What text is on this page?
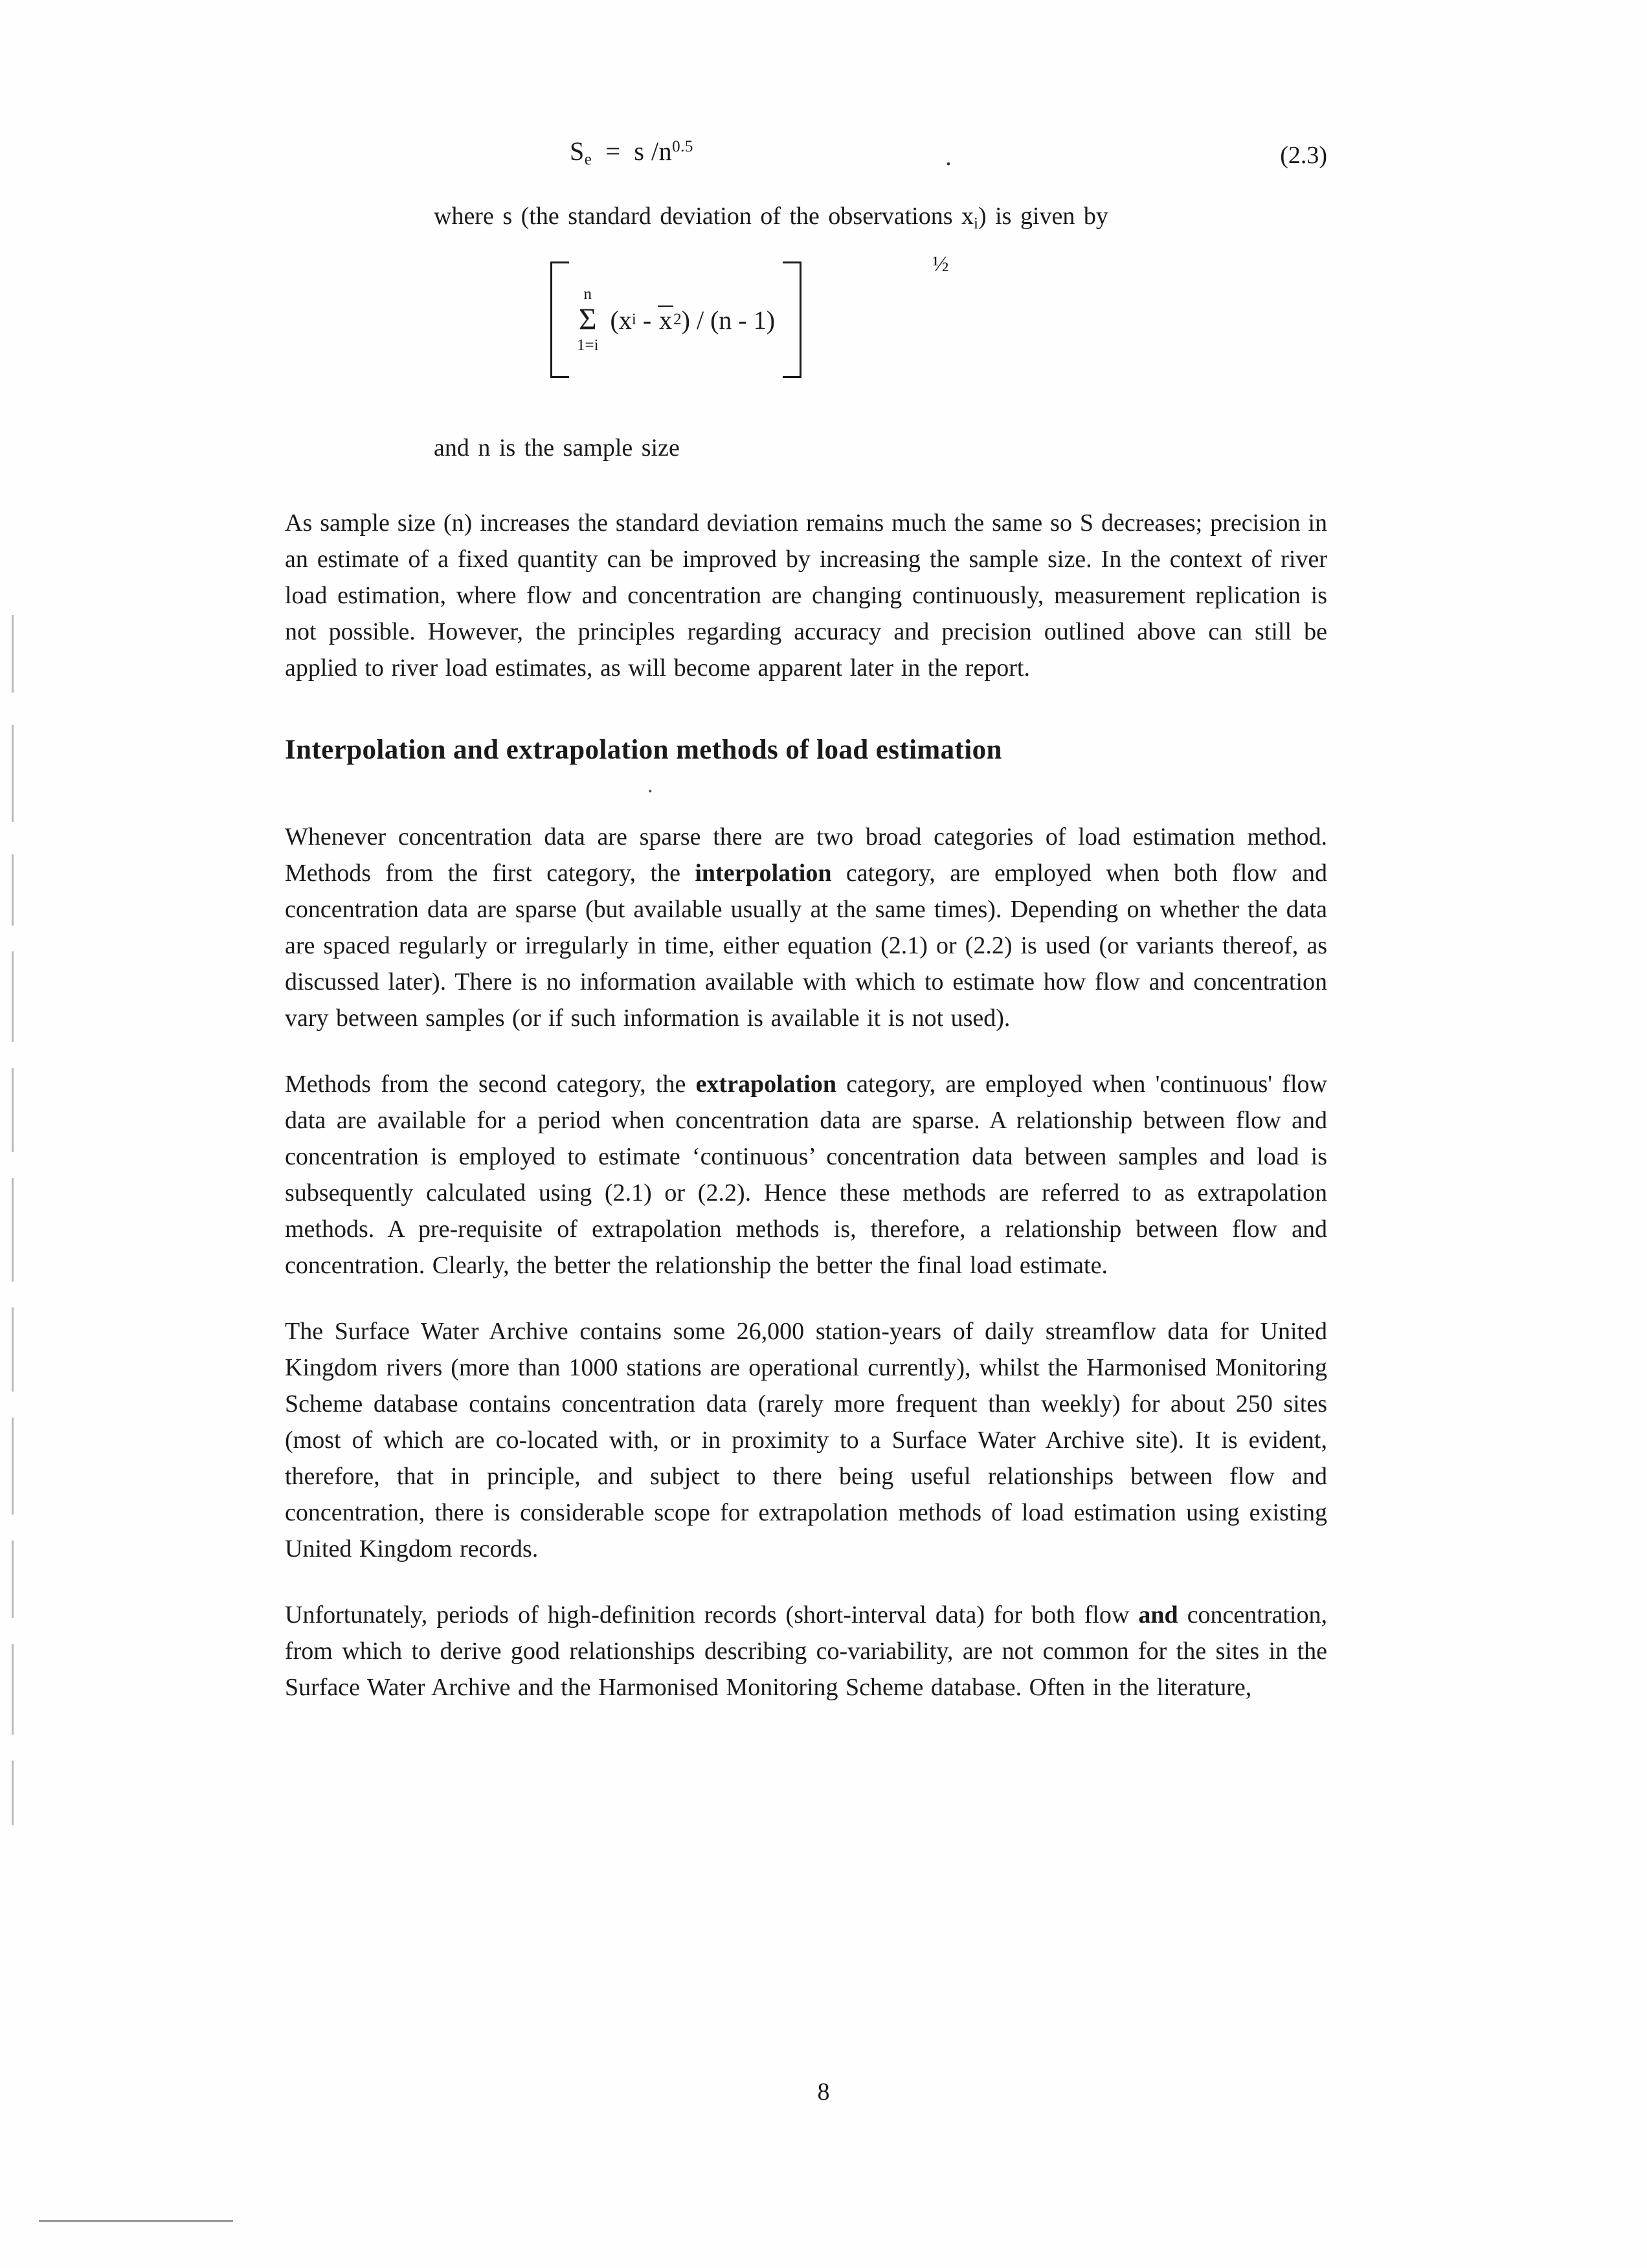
$S_e = s$ $/n^{0.5}$	.	(2.3)

where s (the standard deviation of the observations $x_i$) is given by

n
Σ
1=i
(x i
-
x 2 ) / (n - 1)
½

and n is the sample size

As sample size (n) increases the standard deviation remains much the same so S decreases; precision in an estimate of a fixed quantity can be improved by increasing the sample size. In the context of river load estimation, where flow and concentration are changing continuously, measurement replication is not possible. However, the principles regarding accuracy and precision outlined above can still be applied to river load estimates, as will become apparent later in the report.

Interpolation and extrapolation methods of load estimation
.

Whenever concentration data are sparse there are two broad categories of load estimation method. Methods from the first category, the interpolation category, are employed when both flow and concentration data are sparse (but available usually at the same times). Depending on whether the data are spaced regularly or irregularly in time, either equation (2.1) or (2.2) is used (or variants thereof, as discussed later). There is no information available with which to estimate how flow and concentration vary between samples (or if such information is available it is not used).

Methods from the second category, the extrapolation category, are employed when 'continuous' flow data are available for a period when concentration data are sparse. A relationship between flow and concentration is employed to estimate ‘continuous’ concentration data between samples and load is subsequently calculated using (2.1) or (2.2). Hence these methods are referred to as extrapolation methods. A pre-requisite of extrapolation methods is, therefore, a relationship between flow and concentration. Clearly, the better the relationship the better the final load estimate.

The Surface Water Archive contains some 26,000 station-years of daily streamflow data for United Kingdom rivers (more than 1000 stations are operational currently), whilst the Harmonised Monitoring Scheme database contains concentration data (rarely more frequent than weekly) for about 250 sites (most of which are co-located with, or in proximity to a Surface Water Archive site). It is evident, therefore, that in principle, and subject to there being useful relationships between flow and concentration, there is considerable scope for extrapolation methods of load estimation using existing United Kingdom records.

Unfortunately, periods of high-definition records (short-interval data) for both flow and concentration, from which to derive good relationships describing co-variability, are not common for the sites in the Surface Water Archive and the Harmonised Monitoring Scheme database. Often in the literature,

8
